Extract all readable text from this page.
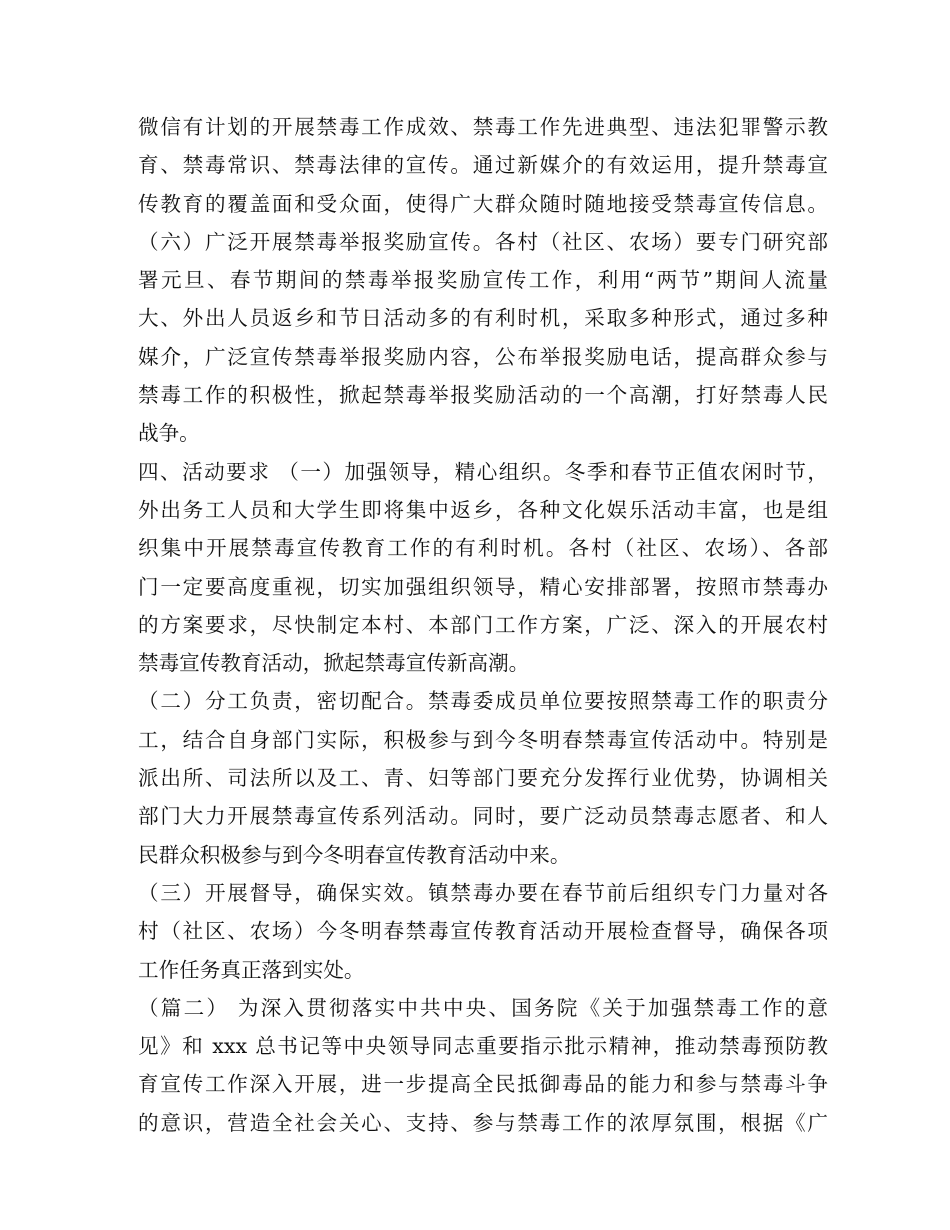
微信有计划的开展禁毒工作成效、禁毒工作先进典型、违法犯罪警示教
育、禁毒常识、禁毒法律的宣传。通过新媒介的有效运用，提升禁毒宣
传教育的覆盖面和受众面，使得广大群众随时随地接受禁毒宣传信息。
（六）广泛开展禁毒举报奖励宣传。各村（社区、农场）要专门研究部
署元旦、春节期间的禁毒举报奖励宣传工作，利用“两节”期间人流量
大、外出人员返乡和节日活动多的有利时机，采取多种形式，通过多种
媒介，广泛宣传禁毒举报奖励内容，公布举报奖励电话，提高群众参与
禁毒工作的积极性，掀起禁毒举报奖励活动的一个高潮，打好禁毒人民
战争。
四、活动要求 （一）加强领导，精心组织。冬季和春节正值农闲时节，
外出务工人员和大学生即将集中返乡，各种文化娱乐活动丰富，也是组
织集中开展禁毒宣传教育工作的有利时机。各村（社区、农场）、各部
门一定要高度重视，切实加强组织领导，精心安排部署，按照市禁毒办
的方案要求，尽快制定本村、本部门工作方案，广泛、深入的开展农村
禁毒宣传教育活动，掀起禁毒宣传新高潮。
（二）分工负责，密切配合。禁毒委成员单位要按照禁毒工作的职责分
工，结合自身部门实际，积极参与到今冬明春禁毒宣传活动中。特别是
派出所、司法所以及工、青、妇等部门要充分发挥行业优势，协调相关
部门大力开展禁毒宣传系列活动。同时，要广泛动员禁毒志愿者、和人
民群众积极参与到今冬明春宣传教育活动中来。
（三）开展督导，确保实效。镇禁毒办要在春节前后组织专门力量对各
村（社区、农场）今冬明春禁毒宣传教育活动开展检查督导，确保各项
工作任务真正落到实处。
（篇二） 为深入贯彻落实中共中央、国务院《关于加强禁毒工作的意
见》和 xxx 总书记等中央领导同志重要指示批示精神，推动禁毒预防教
育宣传工作深入开展，进一步提高全民抵御毒品的能力和参与禁毒斗争
的意识，营造全社会关心、支持、参与禁毒工作的浓厚氛围，根据《广
